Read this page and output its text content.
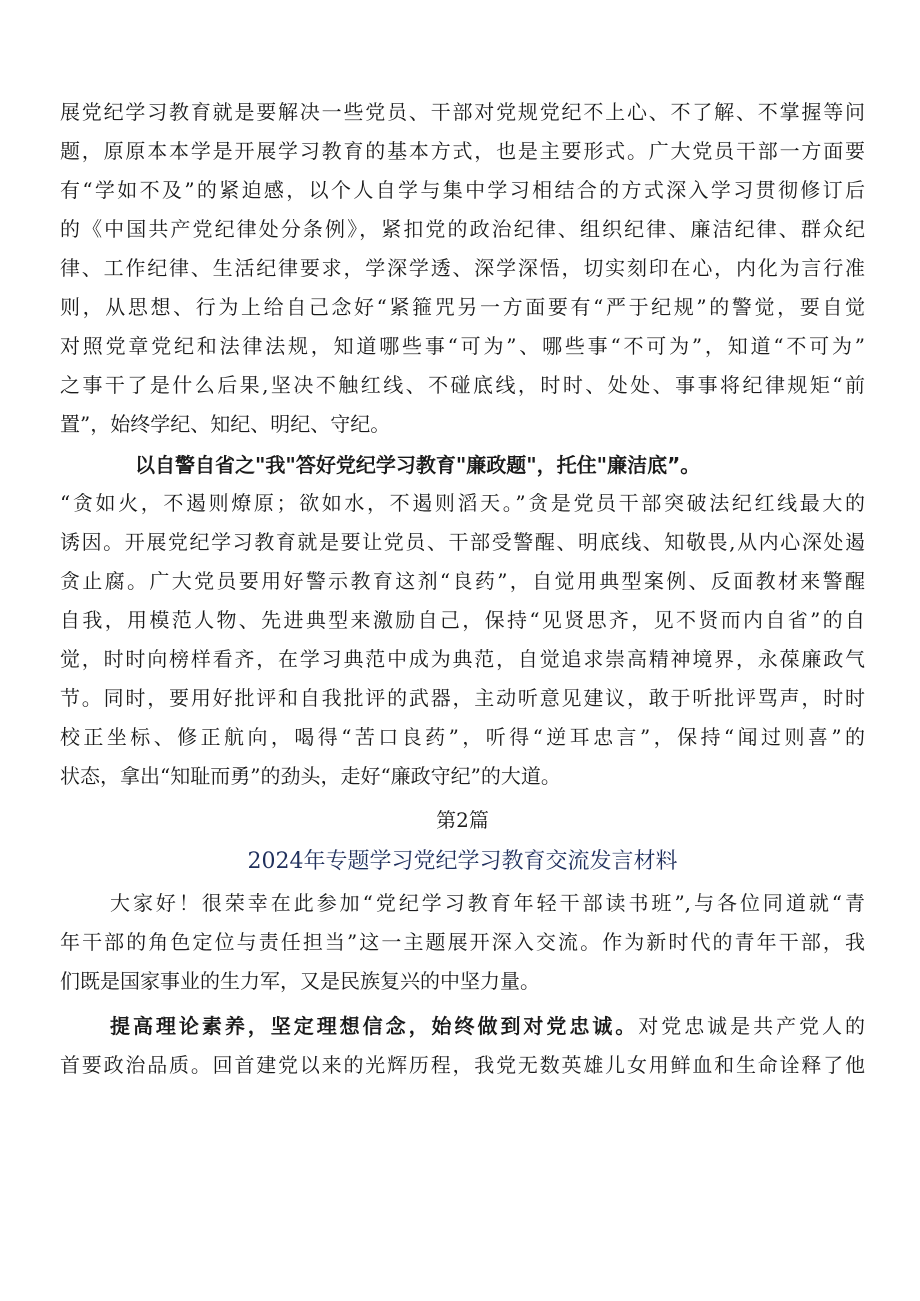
展党纪学习教育就是要解决一些党员、干部对党规党纪不上心、不了解、不掌握等问
题，原原本本学是开展学习教育的基本方式，也是主要形式。广大党员干部一方面要
有“学如不及”的紧迫感，以个人自学与集中学习相结合的方式深入学习贯彻修订后
的《中国共产党纪律处分条例》，紧扣党的政治纪律、组织纪律、廉洁纪律、群众纪
律、工作纪律、生活纪律要求，学深学透、深学深悟，切实刻印在心，内化为言行准
则，从思想、行为上给自己念好“紧箍咒另一方面要有“严于纪规”的警觉，要自觉
对照党章党纪和法律法规，知道哪些事“可为”、哪些事“不可为”，知道“不可为”
之事干了是什么后果,坚决不触红线、不碰底线，时时、处处、事事将纪律规矩“前
置”，始终学纪、知纪、明纪、守纪。
以自警自省之"我"答好党纪学习教育"廉政题"，托住"廉洁底”。
“贪如火，不遏则燎原；欲如水，不遏则滔天。”贪是党员干部突破法纪红线最大的
诱因。开展党纪学习教育就是要让党员、干部受警醒、明底线、知敬畏,从内心深处遏
贪止腐。广大党员要用好警示教育这剂“良药”，自觉用典型案例、反面教材来警醒
自我，用模范人物、先进典型来激励自己，保持“见贤思齐，见不贤而内自省”的自
觉，时时向榜样看齐，在学习典范中成为典范，自觉追求崇高精神境界，永葆廉政气
节。同时，要用好批评和自我批评的武器，主动听意见建议，敢于听批评骂声，时时
校正坐标、修正航向，喝得“苦口良药”，听得“逆耳忠言”，保持“闻过则喜”的
状态，拿出“知耻而勇”的劲头，走好“廉政守纪”的大道。
第2篇
2024年专题学习党纪学习教育交流发言材料
大家好！很荣幸在此参加“党纪学习教育年轻干部读书班”,与各位同道就“青
年干部的角色定位与责任担当”这一主题展开深入交流。作为新时代的青年干部，我
们既是国家事业的生力军，又是民族复兴的中坚力量。
提高理论素养，坚定理想信念，始终做到对党忠诚。对党忠诚是共产党人的
首要政治品质。回首建党以来的光辉历程，我党无数英雄儿女用鲜血和生命诠释了他
